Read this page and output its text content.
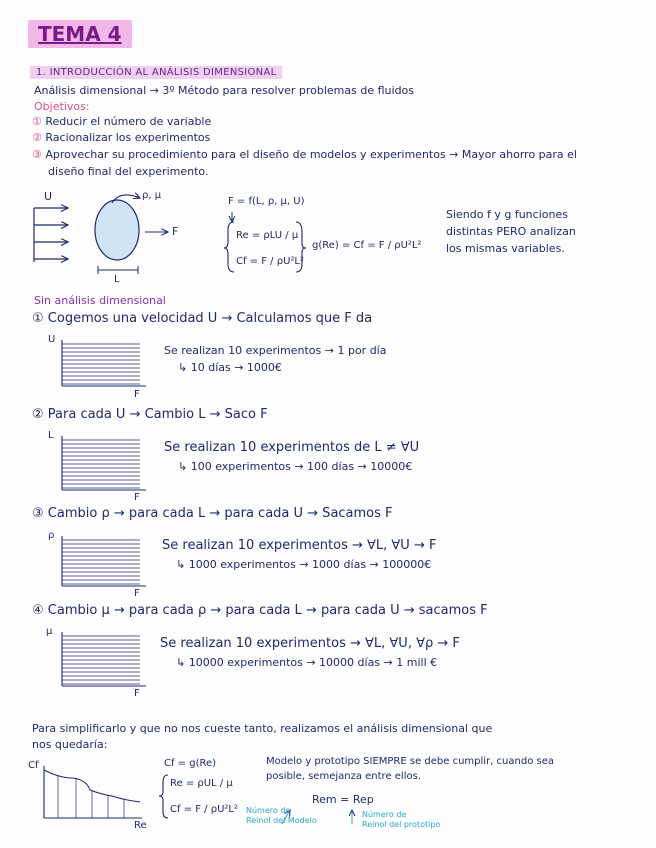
TEMA 4
1. INTRODUCCIÓN AL ANÁLISIS DIMENSIONAL
Análisis dimensional → 3º Método para resolver problemas de fluidos
Objetivos:
① Reducir el número de variable
② Racionalizar los experimentos
③ Aprovechar su procedimiento para el diseño de modelos y experimentos → Mayor ahorro para el
diseño final del experimento.
U	ρ, μ
F
L
F = f(L, ρ, μ, U)
Re = ρLU / μ
Cf = F / ρU²L²
g(Re) = Cf = F / ρU²L²
Siendo f y g funciones
distintas PERO analizan
los mismas variables.
Sin análisis dimensional
① Cogemos una velocidad U → Calculamos que F da
U
F
Se realizan 10 experimentos → 1 por día
↳ 10 días → 1000€
② Para cada U → Cambio L → Saco F
L
F
Se realizan 10 experimentos de L ≠ ∀U
↳ 100 experimentos → 100 días → 10000€
③ Cambio ρ → para cada L → para cada U → Sacamos F
ρ
F
Se realizan 10 experimentos → ∀L, ∀U → F
↳ 1000 experimentos → 1000 días → 100000€
④ Cambio μ → para cada ρ → para cada L → para cada U → sacamos F
μ
F
Se realizan 10 experimentos → ∀L, ∀U, ∀ρ → F
↳ 10000 experimentos → 10000 días → 1 mill €
Para simplificarlo y que no nos cueste tanto, realizamos el análisis dimensional que
nos quedaría:
Cf
Re
Cf = g(Re)
Re = ρUL / μ
Cf = F / ρU²L²
Modelo y prototipo SIEMPRE se debe cumplir, cuando sea
posible, semejanza entre ellos.
Rem = Rep
Número de
Reinol del Modelo
Número de
Reinol del prototipo
